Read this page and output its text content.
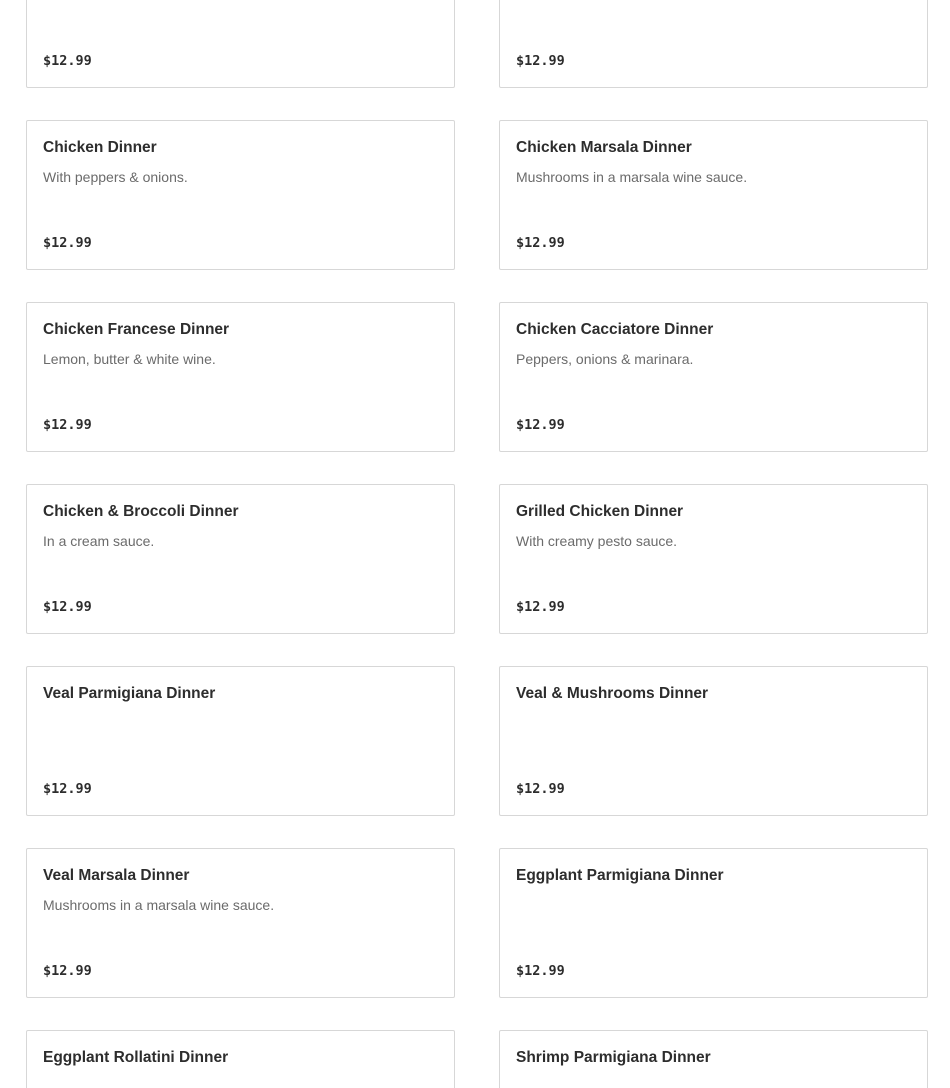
$12.99	$12.99
Chicken Dinner
With peppers & onions.
$12.99
Chicken Marsala Dinner
Mushrooms in a marsala wine sauce.
$12.99
Chicken Francese Dinner
Lemon, butter & white wine.
$12.99
Chicken Cacciatore Dinner
Peppers, onions & marinara.
$12.99
Chicken & Broccoli Dinner
In a cream sauce.
$12.99
Grilled Chicken Dinner
With creamy pesto sauce.
$12.99
Veal Parmigiana Dinner
$12.99
Veal & Mushrooms Dinner
$12.99
Veal Marsala Dinner
Mushrooms in a marsala wine sauce.
$12.99
Eggplant Parmigiana Dinner
$12.99
Eggplant Rollatini Dinner	Shrimp Parmigiana Dinner
